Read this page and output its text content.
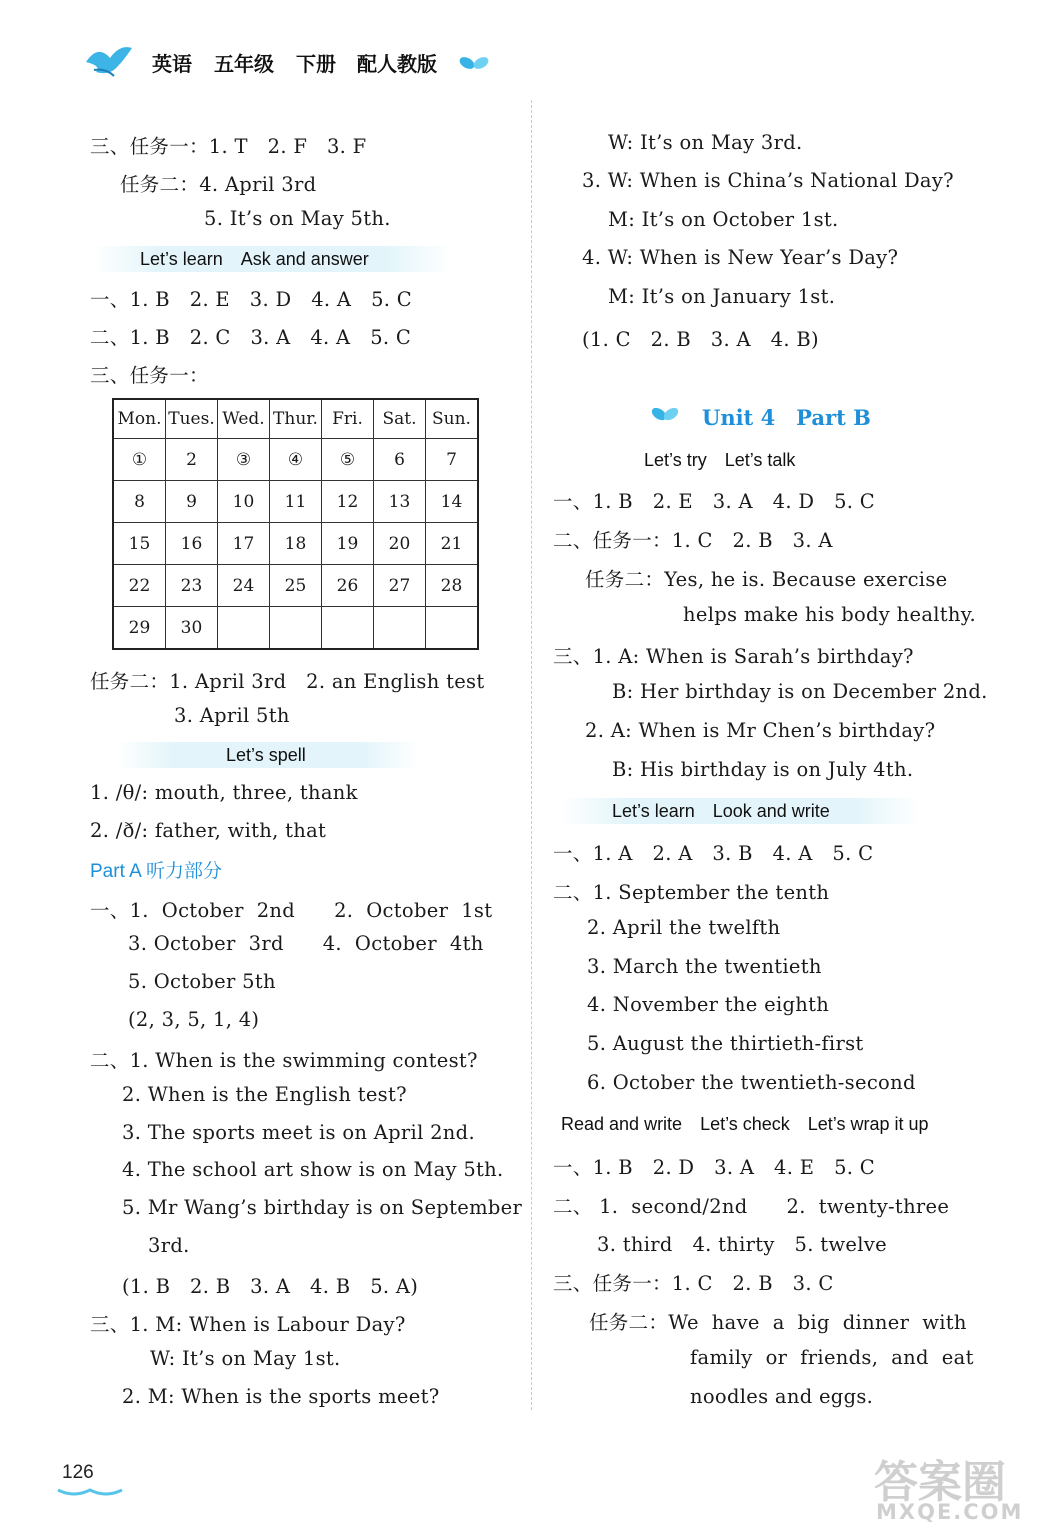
英语 五年级 下册 配人教版
三、任务一：1. T　2. F　3. F
任务二：4. April 3rd
5. It’s on May 5th.
Let’s learn　Ask and answer
一、1. B　2. E　3. D　4. A　5. C
二、1. B　2. C　3. A　4. A　5. C
三、任务一：
Mon.	Tues.	Wed.	Thur.	Fri.	Sat.	Sun.
①	2	③	④	⑤	6	7
8	9	10	11	12	13	14
15	16	17	18	19	20	21
22	23	24	25	26	27	28
29	30					
任务二：1. April 3rd　2. an English test
3. April 5th
Let’s spell
1. /θ/: mouth, three, thank
2. /ð/: father, with, that
Part A 听力部分
一、1.  October  2nd      2.  October  1st
3. October  3rd      4.  October  4th
5. October 5th
(2, 3, 5, 1, 4)
二、1. When is the swimming contest?
2. When is the English test?
3. The sports meet is on April 2nd.
4. The school art show is on May 5th.
5. Mr Wang’s birthday is on September
3rd.
(1. B　2. B　3. A　4. B　5. A)
三、1. M: When is Labour Day?
W: It’s on May 1st.
2. M: When is the sports meet?
W: It’s on May 3rd.
3. W: When is China’s National Day?
M: It’s on October 1st.
4. W: When is New Year’s Day?
M: It’s on January 1st.
(1. C　2. B　3. A　4. B)
Unit 4　Part B
Let’s try　Let’s talk
一、1. B　2. E　3. A　4. D　5. C
二、任务一：1. C　2. B　3. A
任务二：Yes, he is. Because exercise
helps make his body healthy.
三、1. A: When is Sarah’s birthday?
B: Her birthday is on December 2nd.
2. A: When is Mr Chen’s birthday?
B: His birthday is on July 4th.
Let’s learn　Look and write
一、1. A　2. A　3. B　4. A　5. C
二、1. September the tenth
2. April the twelfth
3. March the twentieth
4. November the eighth
5. August the thirtieth-first
6. October the twentieth-second
Read and write　Let’s check　Let’s wrap it up
一、1. B　2. D　3. A　4. E　5. C
二、 1.  second/2nd      2.  twenty-three
3. third　4. thirty　5. twelve
三、任务一：1. C　2. B　3. C
任务二：We  have  a  big  dinner  with
family  or  friends,  and  eat
noodles and eggs.
126	答案圈
MXQE.COM
